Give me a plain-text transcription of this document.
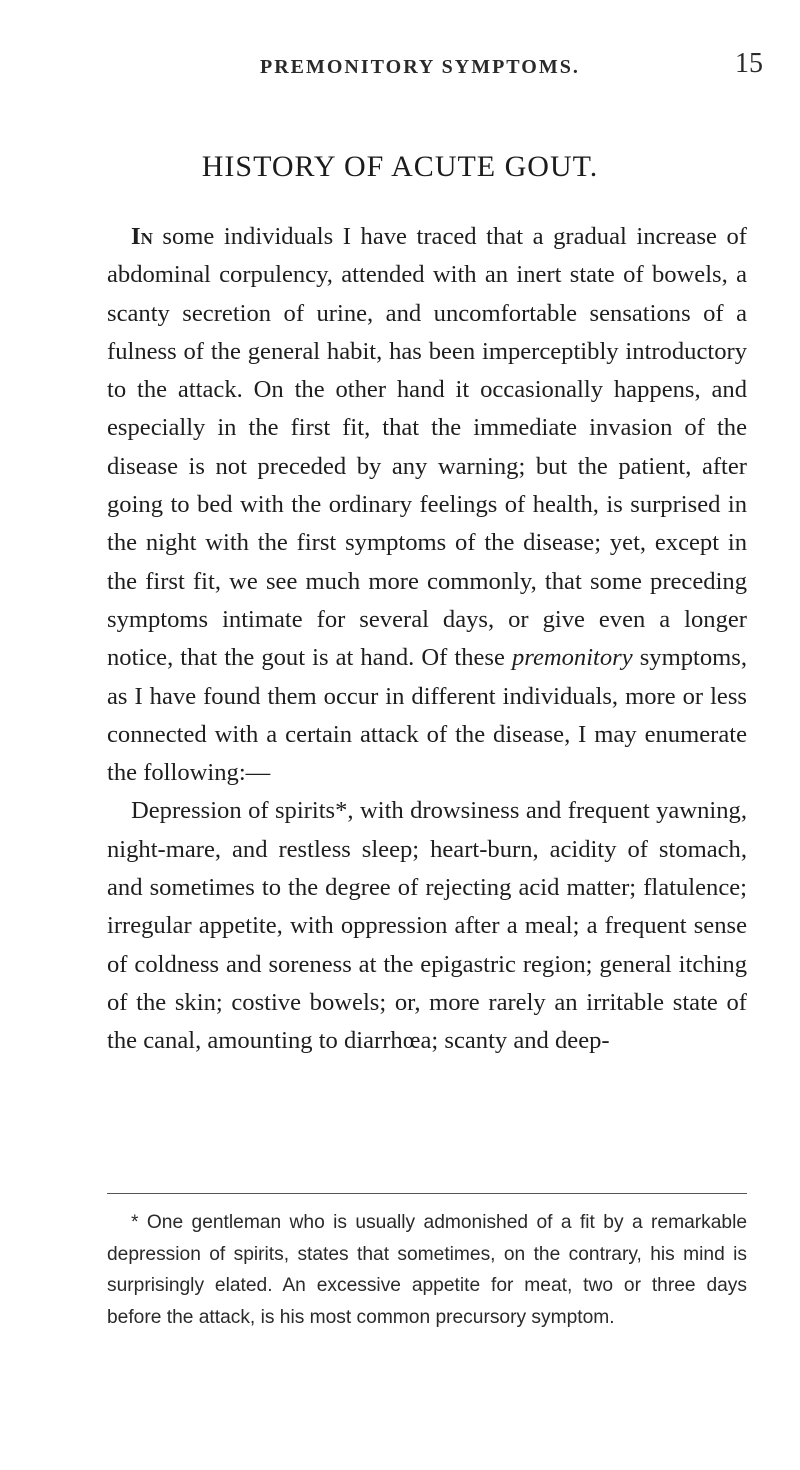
PREMONITORY SYMPTOMS.	15
HISTORY OF ACUTE GOUT.

In some individuals I have traced that a gradual increase of abdominal corpulency, attended with an inert state of bowels, a scanty secretion of urine, and uncomfortable sensations of a fulness of the general habit, has been imperceptibly introductory to the attack. On the other hand it occasionally happens, and especially in the first fit, that the immediate invasion of the disease is not preceded by any warning; but the patient, after going to bed with the ordinary feelings of health, is surprised in the night with the first symptoms of the disease; yet, except in the first fit, we see much more commonly, that some preceding symptoms intimate for several days, or give even a longer notice, that the gout is at hand. Of these premonitory symptoms, as I have found them occur in different individuals, more or less connected with a certain attack of the disease, I may enumerate the following:—

Depression of spirits*, with drowsiness and frequent yawning, night-mare, and restless sleep; heart-burn, acidity of stomach, and sometimes to the degree of rejecting acid matter; flatulence; irregular appetite, with oppression after a meal; a frequent sense of coldness and soreness at the epigastric region; general itching of the skin; costive bowels; or, more rarely an irritable state of the canal, amounting to diarrhœa; scanty and deep-

* One gentleman who is usually admonished of a fit by a remarkable depression of spirits, states that sometimes, on the contrary, his mind is surprisingly elated. An excessive appetite for meat, two or three days before the attack, is his most common precursory symptom.
